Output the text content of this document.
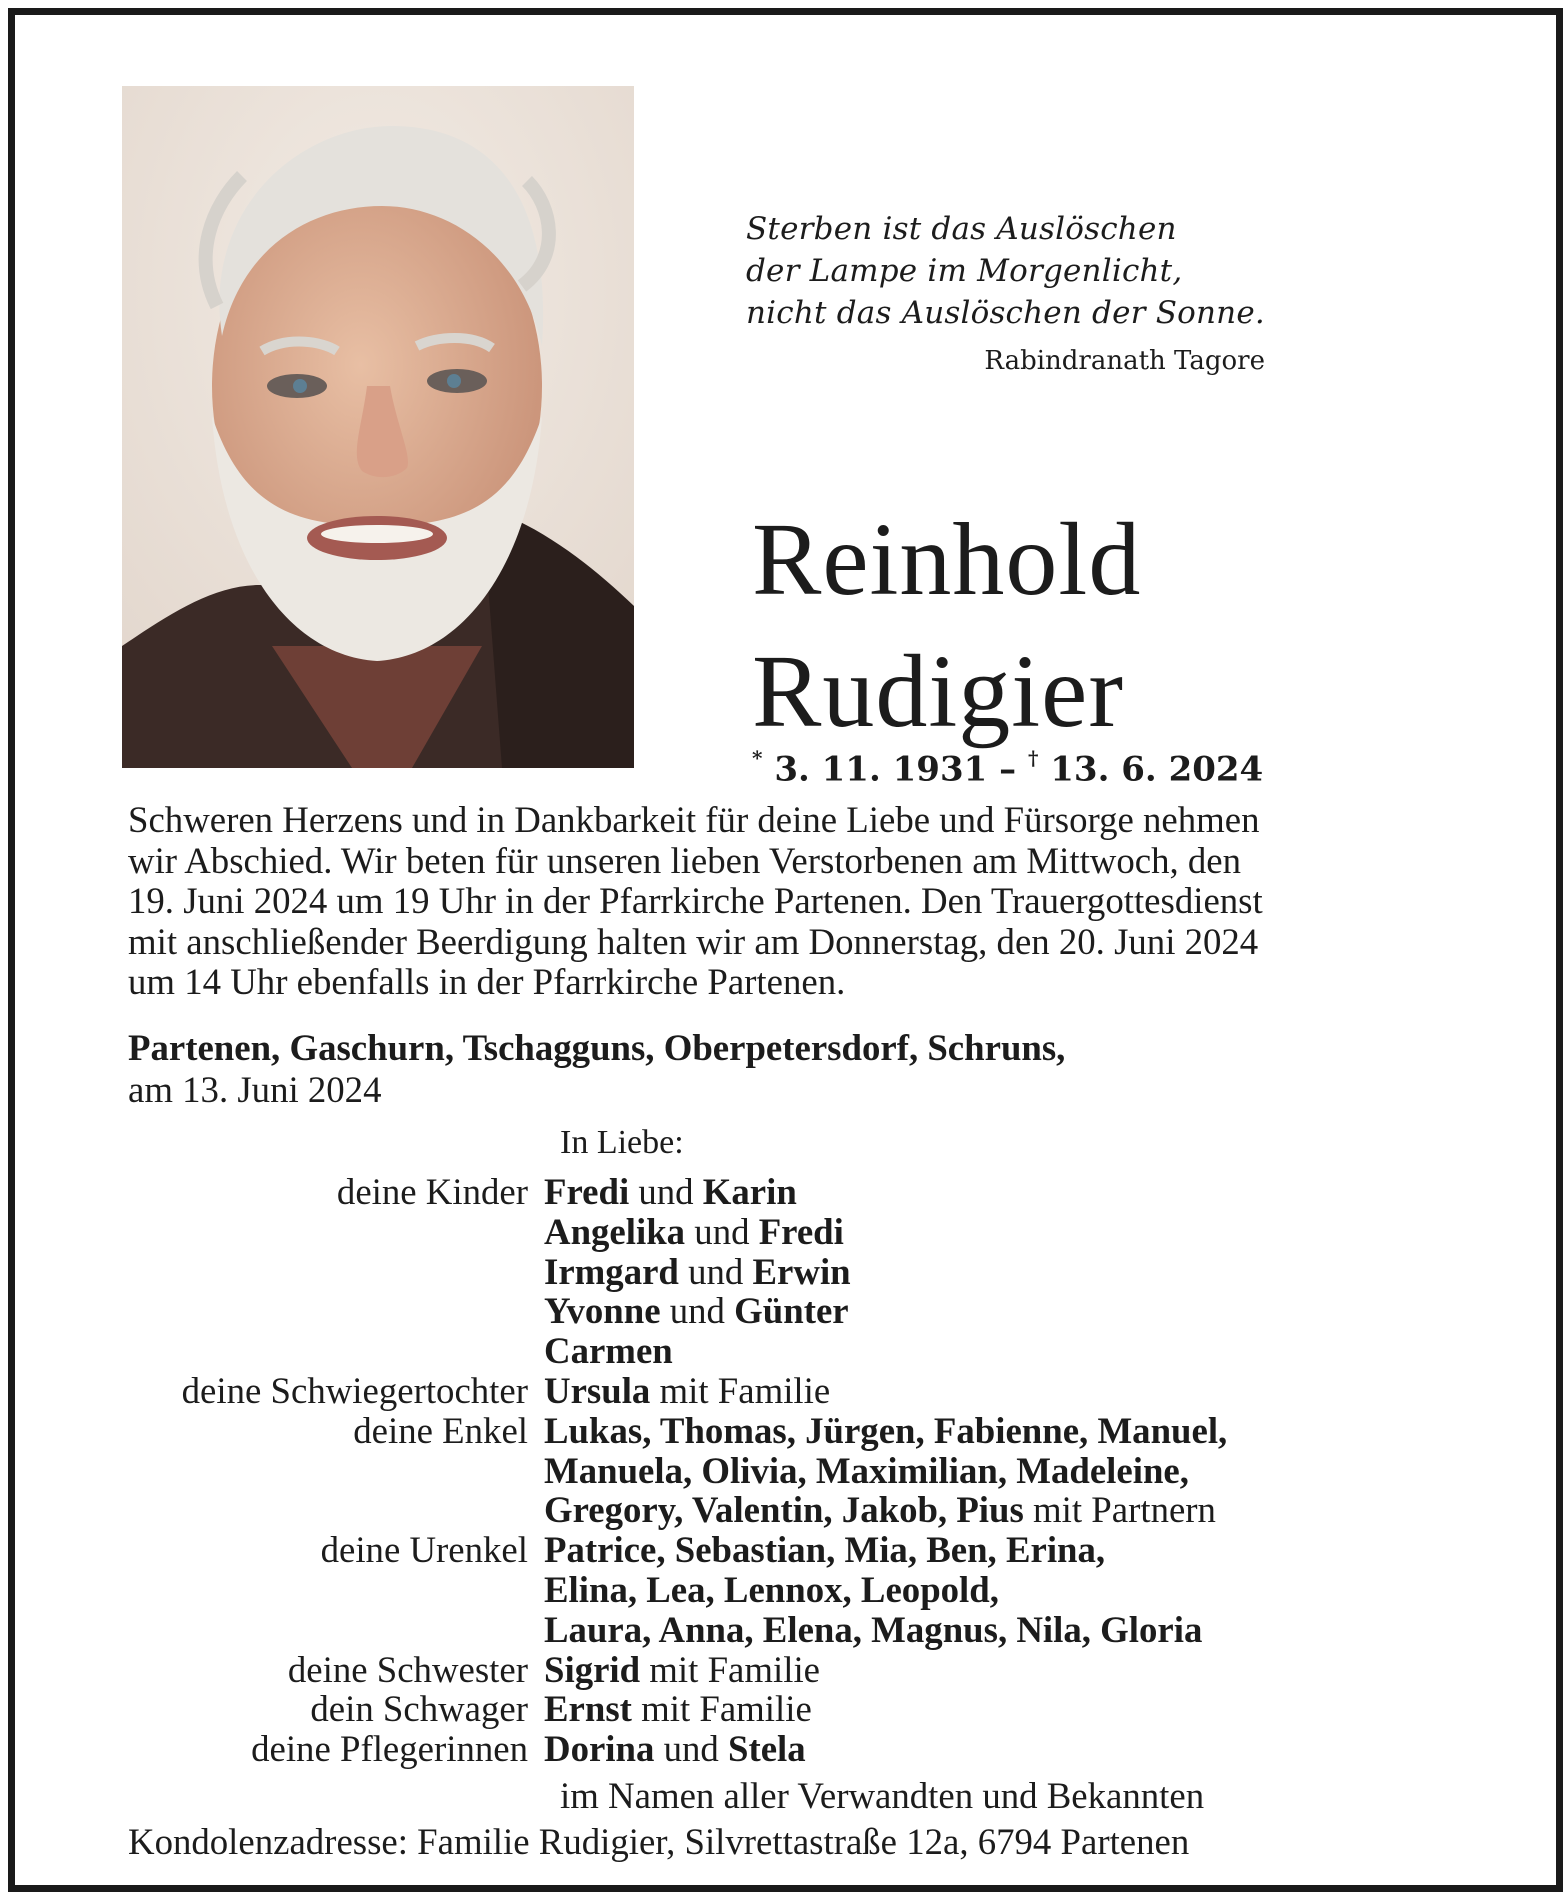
Sterben ist das Auslöschen
der Lampe im Morgenlicht,
nicht das Auslöschen der Sonne.
Rabindranath Tagore
Reinhold
Rudigier
* 3. 11. 1931 – † 13. 6. 2024
Schweren Herzens und in Dankbarkeit für deine Liebe und Fürsorge nehmen
wir Abschied. Wir beten für unseren lieben Verstorbenen am Mittwoch, den
19. Juni 2024 um 19 Uhr in der Pfarrkirche Partenen. Den Trauergottesdienst
mit anschließender Beerdigung halten wir am Donnerstag, den 20. Juni 2024
um 14 Uhr ebenfalls in der Pfarrkirche Partenen.
Partenen, Gaschurn, Tschagguns, Oberpetersdorf, Schruns,
am 13. Juni 2024
In Liebe:
deine Kinder Fredi und Karin
Angelika und Fredi
Irmgard und Erwin
Yvonne und Günter
Carmen
deine Schwiegertochter Ursula mit Familie
deine Enkel Lukas, Thomas, Jürgen, Fabienne, Manuel,
Manuela, Olivia, Maximilian, Madeleine,
Gregory, Valentin, Jakob, Pius mit Partnern
deine Urenkel Patrice, Sebastian, Mia, Ben, Erina,
Elina, Lea, Lennox, Leopold,
Laura, Anna, Elena, Magnus, Nila, Gloria
deine Schwester Sigrid mit Familie
dein Schwager Ernst mit Familie
deine Pflegerinnen Dorina und Stela
im Namen aller Verwandten und Bekannten
Kondolenzadresse: Familie Rudigier, Silvrettastraße 12a, 6794 Partenen
